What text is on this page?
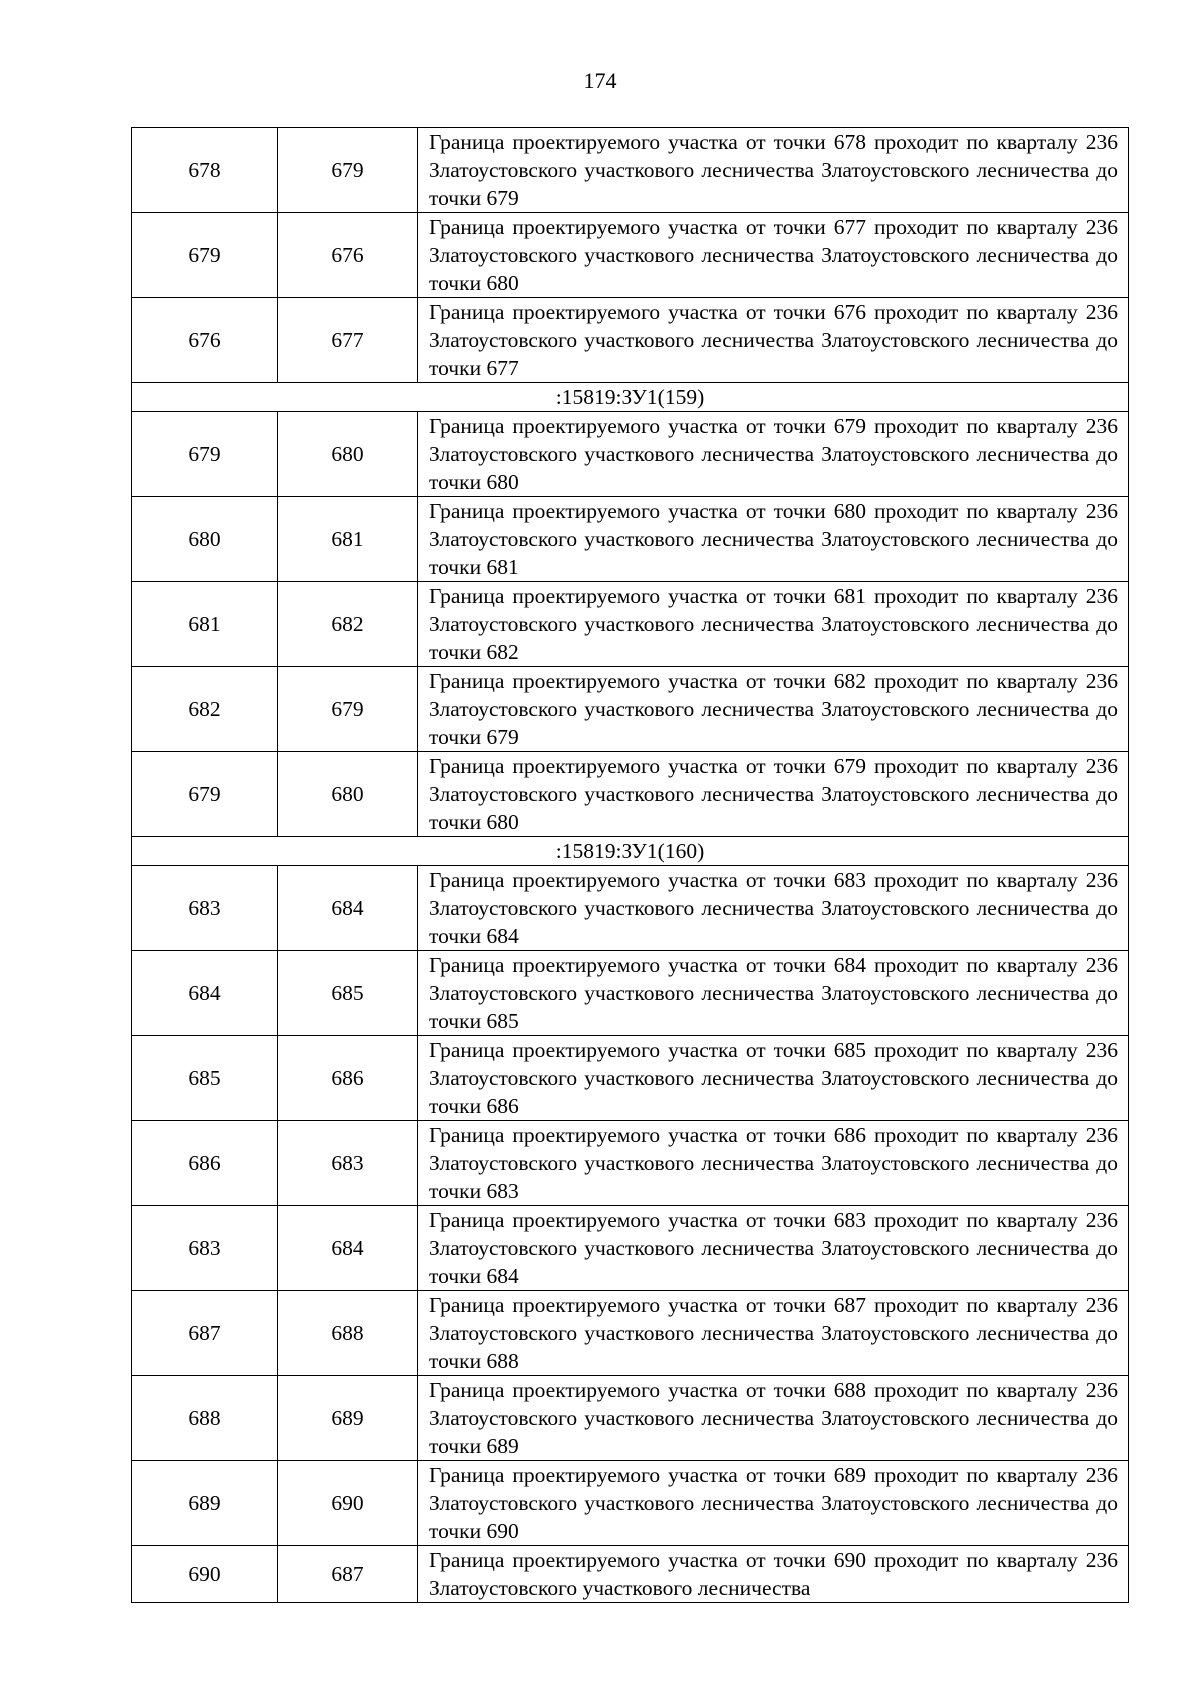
174
678	679	Граница проектируемого участка от точки 678 проходит по кварталу 236 Златоустовского участкового лесничества Златоустовского лесничества до точки 679
679	676	Граница проектируемого участка от точки 677 проходит по кварталу 236 Златоустовского участкового лесничества Златоустовского лесничества до точки 680
676	677	Граница проектируемого участка от точки 676 проходит по кварталу 236 Златоустовского участкового лесничества Златоустовского лесничества до точки 677
:15819:ЗУ1(159)		
679	680	Граница проектируемого участка от точки 679 проходит по кварталу 236 Златоустовского участкового лесничества Златоустовского лесничества до точки 680
680	681	Граница проектируемого участка от точки 680 проходит по кварталу 236 Златоустовского участкового лесничества Златоустовского лесничества до точки 681
681	682	Граница проектируемого участка от точки 681 проходит по кварталу 236 Златоустовского участкового лесничества Златоустовского лесничества до точки 682
682	679	Граница проектируемого участка от точки 682 проходит по кварталу 236 Златоустовского участкового лесничества Златоустовского лесничества до точки 679
679	680	Граница проектируемого участка от точки 679 проходит по кварталу 236 Златоустовского участкового лесничества Златоустовского лесничества до точки 680
:15819:ЗУ1(160)		
683	684	Граница проектируемого участка от точки 683 проходит по кварталу 236 Златоустовского участкового лесничества Златоустовского лесничества до точки 684
684	685	Граница проектируемого участка от точки 684 проходит по кварталу 236 Златоустовского участкового лесничества Златоустовского лесничества до точки 685
685	686	Граница проектируемого участка от точки 685 проходит по кварталу 236 Златоустовского участкового лесничества Златоустовского лесничества до точки 686
686	683	Граница проектируемого участка от точки 686 проходит по кварталу 236 Златоустовского участкового лесничества Златоустовского лесничества до точки 683
683	684	Граница проектируемого участка от точки 683 проходит по кварталу 236 Златоустовского участкового лесничества Златоустовского лесничества до точки 684
687	688	Граница проектируемого участка от точки 687 проходит по кварталу 236 Златоустовского участкового лесничества Златоустовского лесничества до точки 688
688	689	Граница проектируемого участка от точки 688 проходит по кварталу 236 Златоустовского участкового лесничества Златоустовского лесничества до точки 689
689	690	Граница проектируемого участка от точки 689 проходит по кварталу 236 Златоустовского участкового лесничества Златоустовского лесничества до точки 690
690	687	Граница проектируемого участка от точки 690 проходит по кварталу 236 Златоустовского участкового лесничества
